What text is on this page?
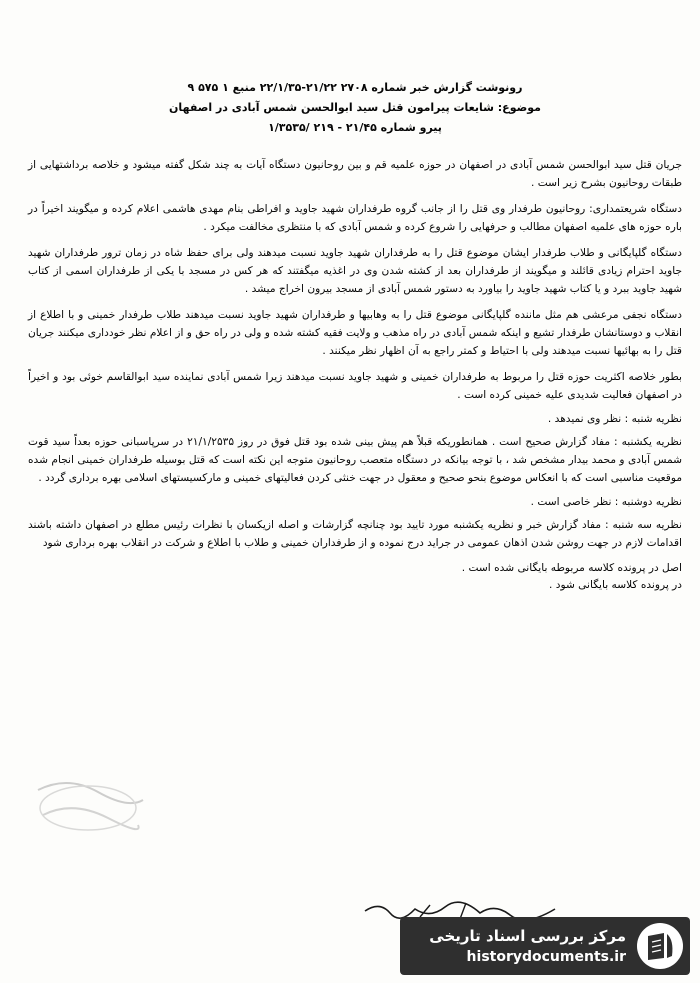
رونوشت گزارش خبر شماره ۲۷۰۸ ۲۱/۲۲-۲۲/۱/۳۵ منبع ۱ ۵۷۵ ۹
موضوع: شایعات پیرامون قتل سید ابوالحسن شمس آبادی در اصفهان
پیرو شماره ۲۱/۴۵ - ۲۱۹ /۱/۳۵۳۵

جریان قتل سید ابوالحسن شمس آبادی در اصفهان در حوزه علمیه قم و بین روحانیون دستگاه آیات به چند شکل گفته میشود و خلاصه برداشتهایی از طبقات روحانیون بشرح زیر است .

دستگاه شریعتمداری: روحانیون طرفدار وی قتل را از جانب گروه طرفداران شهید جاوید و افراطی بنام مهدی هاشمی اعلام کرده و میگویند اخیراً در باره حوزه های علمیه اصفهان مطالب و حرفهایی را شروع کرده و شمس آبادی که با منتظری مخالفت میکرد .

دستگاه گلپایگانی و طلاب طرفدار ایشان موضوع قتل را به طرفداران شهید جاوید نسبت میدهند ولی برای حفظ شاه در زمان ترور طرفداران شهید جاوید احترام زیادی قائلند و میگویند از طرفداران بعد از کشته شدن وی در اغذیه میگفتند که هر کس در مسجد با یکی از طرفداران اسمی از کتاب شهید جاوید ببرد و یا کتاب شهید جاوید را بیاورد به دستور شمس آبادی از مسجد بیرون اخراج میشد .

دستگاه نجفی مرعشی هم مثل ماننده گلپایگانی موضوع قتل را به وهابیها و طرفداران شهید جاوید نسبت میدهند طلاب طرفدار خمینی و با اطلاع از انقلاب و دوستانشان طرفدار تشیع و اینکه شمس آبادی در راه مذهب و ولایت فقیه کشته شده و ولی در راه حق و از اعلام نظر خودداری میکنند جریان قتل را به بهائیها نسبت میدهند ولی با احتیاط و کمتر راجع به آن اظهار نظر میکنند .

بطور خلاصه اکثریت حوزه قتل را مربوط به طرفداران خمینی و شهید جاوید نسبت میدهند زیرا شمس آبادی نماینده سید ابوالقاسم خوئی بود و اخیراً در اصفهان فعالیت شدیدی علیه خمینی کرده است .

نظریه شنبه : نظر وی نمیدهد .

نظریه یکشنبه : مفاد گزارش صحیح است . همانطوریکه قبلاً هم پیش بینی شده بود قتل فوق در روز ۲۱/۱/۲۵۳۵ در سرپاسبانی حوزه بعداً سید قوت شمس آبادی و محمد بیدار مشخص شد ، با توجه بیانکه در دستگاه متعصب روحانیون متوجه این نکته است که قتل بوسیله طرفداران خمینی انجام شده موقعیت مناسبی است که با انعکاس موضوع بنحو صحیح و معقول در جهت خنثی کردن فعالیتهای خمینی و مارکسیستهای اسلامی بهره برداری گردد .

نظریه دوشنبه : نظر خاصی است .

نظریه سه شنبه : مفاد گزارش خبر و نظریه یکشنبه مورد تایید بود چنانچه گزارشات و اصله ازیکسان با نظرات رئیس مطلع در اصفهان داشته باشند اقدامات لازم در جهت روشن شدن اذهان عمومی در جراید درج نموده و از طرفداران خمینی و طلاب با اطلاع و شرکت در انقلاب بهره برداری شود

اصل در پرونده کلاسه مربوطه بایگانی شده است .
در پرونده کلاسه بایگانی شود .
مرکز بررسی اسناد تاریخی
historydocuments.ir
